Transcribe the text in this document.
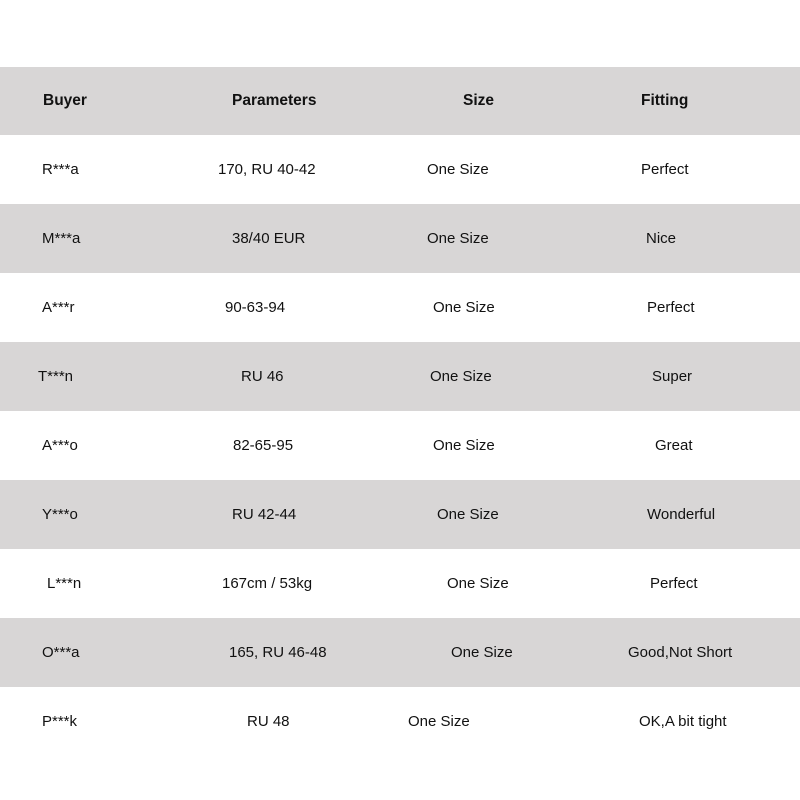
Buyer	Parameters	Size	Fitting
R***a	170, RU 40-42	One Size	Perfect
M***a	38/40 EUR	One Size	Nice
A***r	90-63-94	One Size	Perfect
T***n	RU 46	One Size	Super
A***o	82-65-95	One Size	Great
Y***o	RU 42-44	One Size	Wonderful
L***n	167cm / 53kg	One Size	Perfect
O***a	165, RU 46-48	One Size	Good,Not Short
P***k	RU 48	One Size	OK,A bit tight
